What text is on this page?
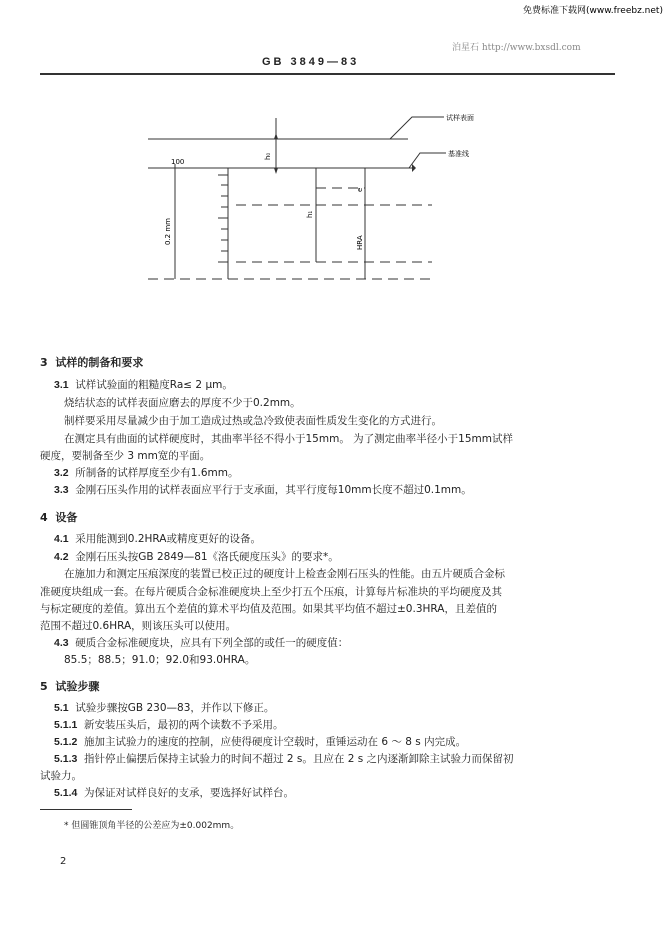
免费标准下载网(www.freebz.net)
泊星石 http://www.bxsdl.com
GB 3849—83
试样表面
基准线
100
0.2 mm
h₀
e
h₁
HRA
3 试样的制备和要求
3.1 试样试验面的粗糙度Ra≤ 2 μm。
烧结状态的试样表面应磨去的厚度不少于0.2mm。
制样要采用尽量减少由于加工造成过热或急冷致使表面性质发生变化的方式进行。
在测定具有曲面的试样硬度时，其曲率半径不得小于15mm。 为了测定曲率半径小于15mm试样
硬度，要制备至少 3 mm宽的平面。
3.2 所制备的试样厚度至少有1.6mm。
3.3 金刚石压头作用的试样表面应平行于支承面，其平行度每10mm长度不超过0.1mm。
4 设备
4.1 采用能测到0.2HRA或精度更好的设备。
4.2 金刚石压头按GB 2849—81《洛氏硬度压头》的要求*。
在施加力和测定压痕深度的装置已校正过的硬度计上检查金刚石压头的性能。由五片硬质合金标
准硬度块组成一套。在每片硬质合金标准硬度块上至少打五个压痕，计算每片标准块的平均硬度及其
与标定硬度的差值。算出五个差值的算术平均值及范围。如果其平均值不超过±0.3HRA，且差值的
范围不超过0.6HRA，则该压头可以使用。
4.3 硬质合金标准硬度块，应具有下列全部的或任一的硬度值：
85.5；88.5；91.0；92.0和93.0HRA。
5 试验步骤
5.1 试验步骤按GB 230—83，并作以下修正。
5.1.1 新安装压头后，最初的两个读数不予采用。
5.1.2 施加主试验力的速度的控制，应使得硬度计空载时，重锤运动在 6 ～ 8 s 内完成。
5.1.3 指针停止偏摆后保持主试验力的时间不超过 2 s。且应在 2 s 之内逐渐卸除主试验力而保留初
试验力。
5.1.4 为保证对试样良好的支承，要选择好试样台。
* 但圆锥顶角半径的公差应为±0.002mm。
2
